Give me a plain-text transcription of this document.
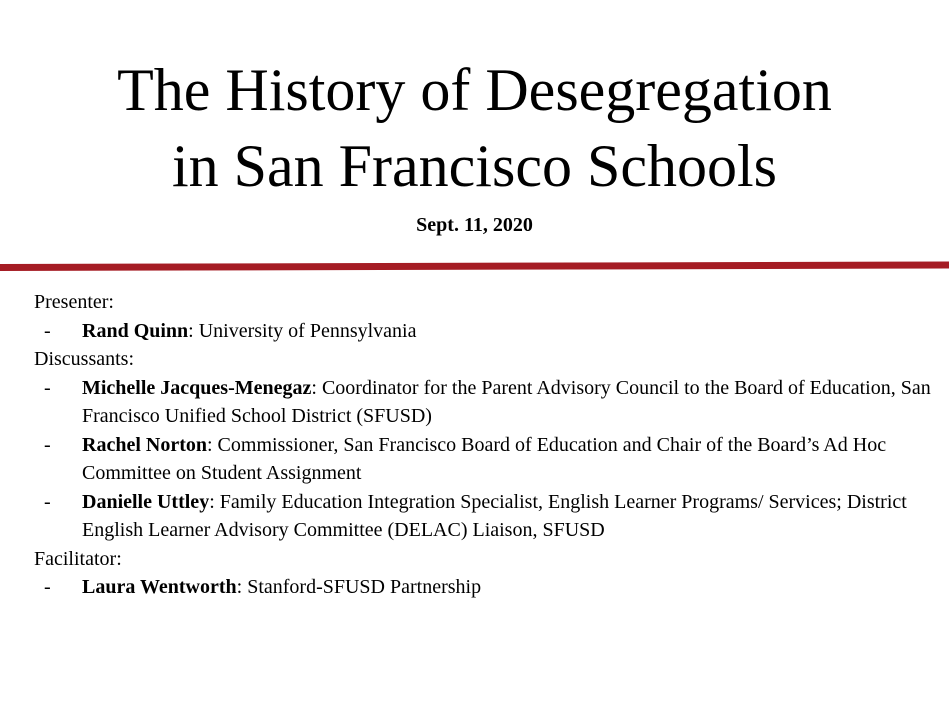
The History of Desegregation
in San Francisco Schools
Sept. 11, 2020

Presenter:

-	Rand Quinn: University of Pennsylvania

Discussants:

-	Michelle Jacques-Menegaz: Coordinator for the Parent Advisory Council to the Board of Education, San Francisco Unified School District (SFUSD)
-	Rachel Norton: Commissioner, San Francisco Board of Education and Chair of the Board’s Ad Hoc Committee on Student Assignment
-	Danielle Uttley: Family Education Integration Specialist, English Learner Programs/ Services; District English Learner Advisory Committee (DELAC) Liaison, SFUSD

Facilitator:

-	Laura Wentworth: Stanford-SFUSD Partnership
